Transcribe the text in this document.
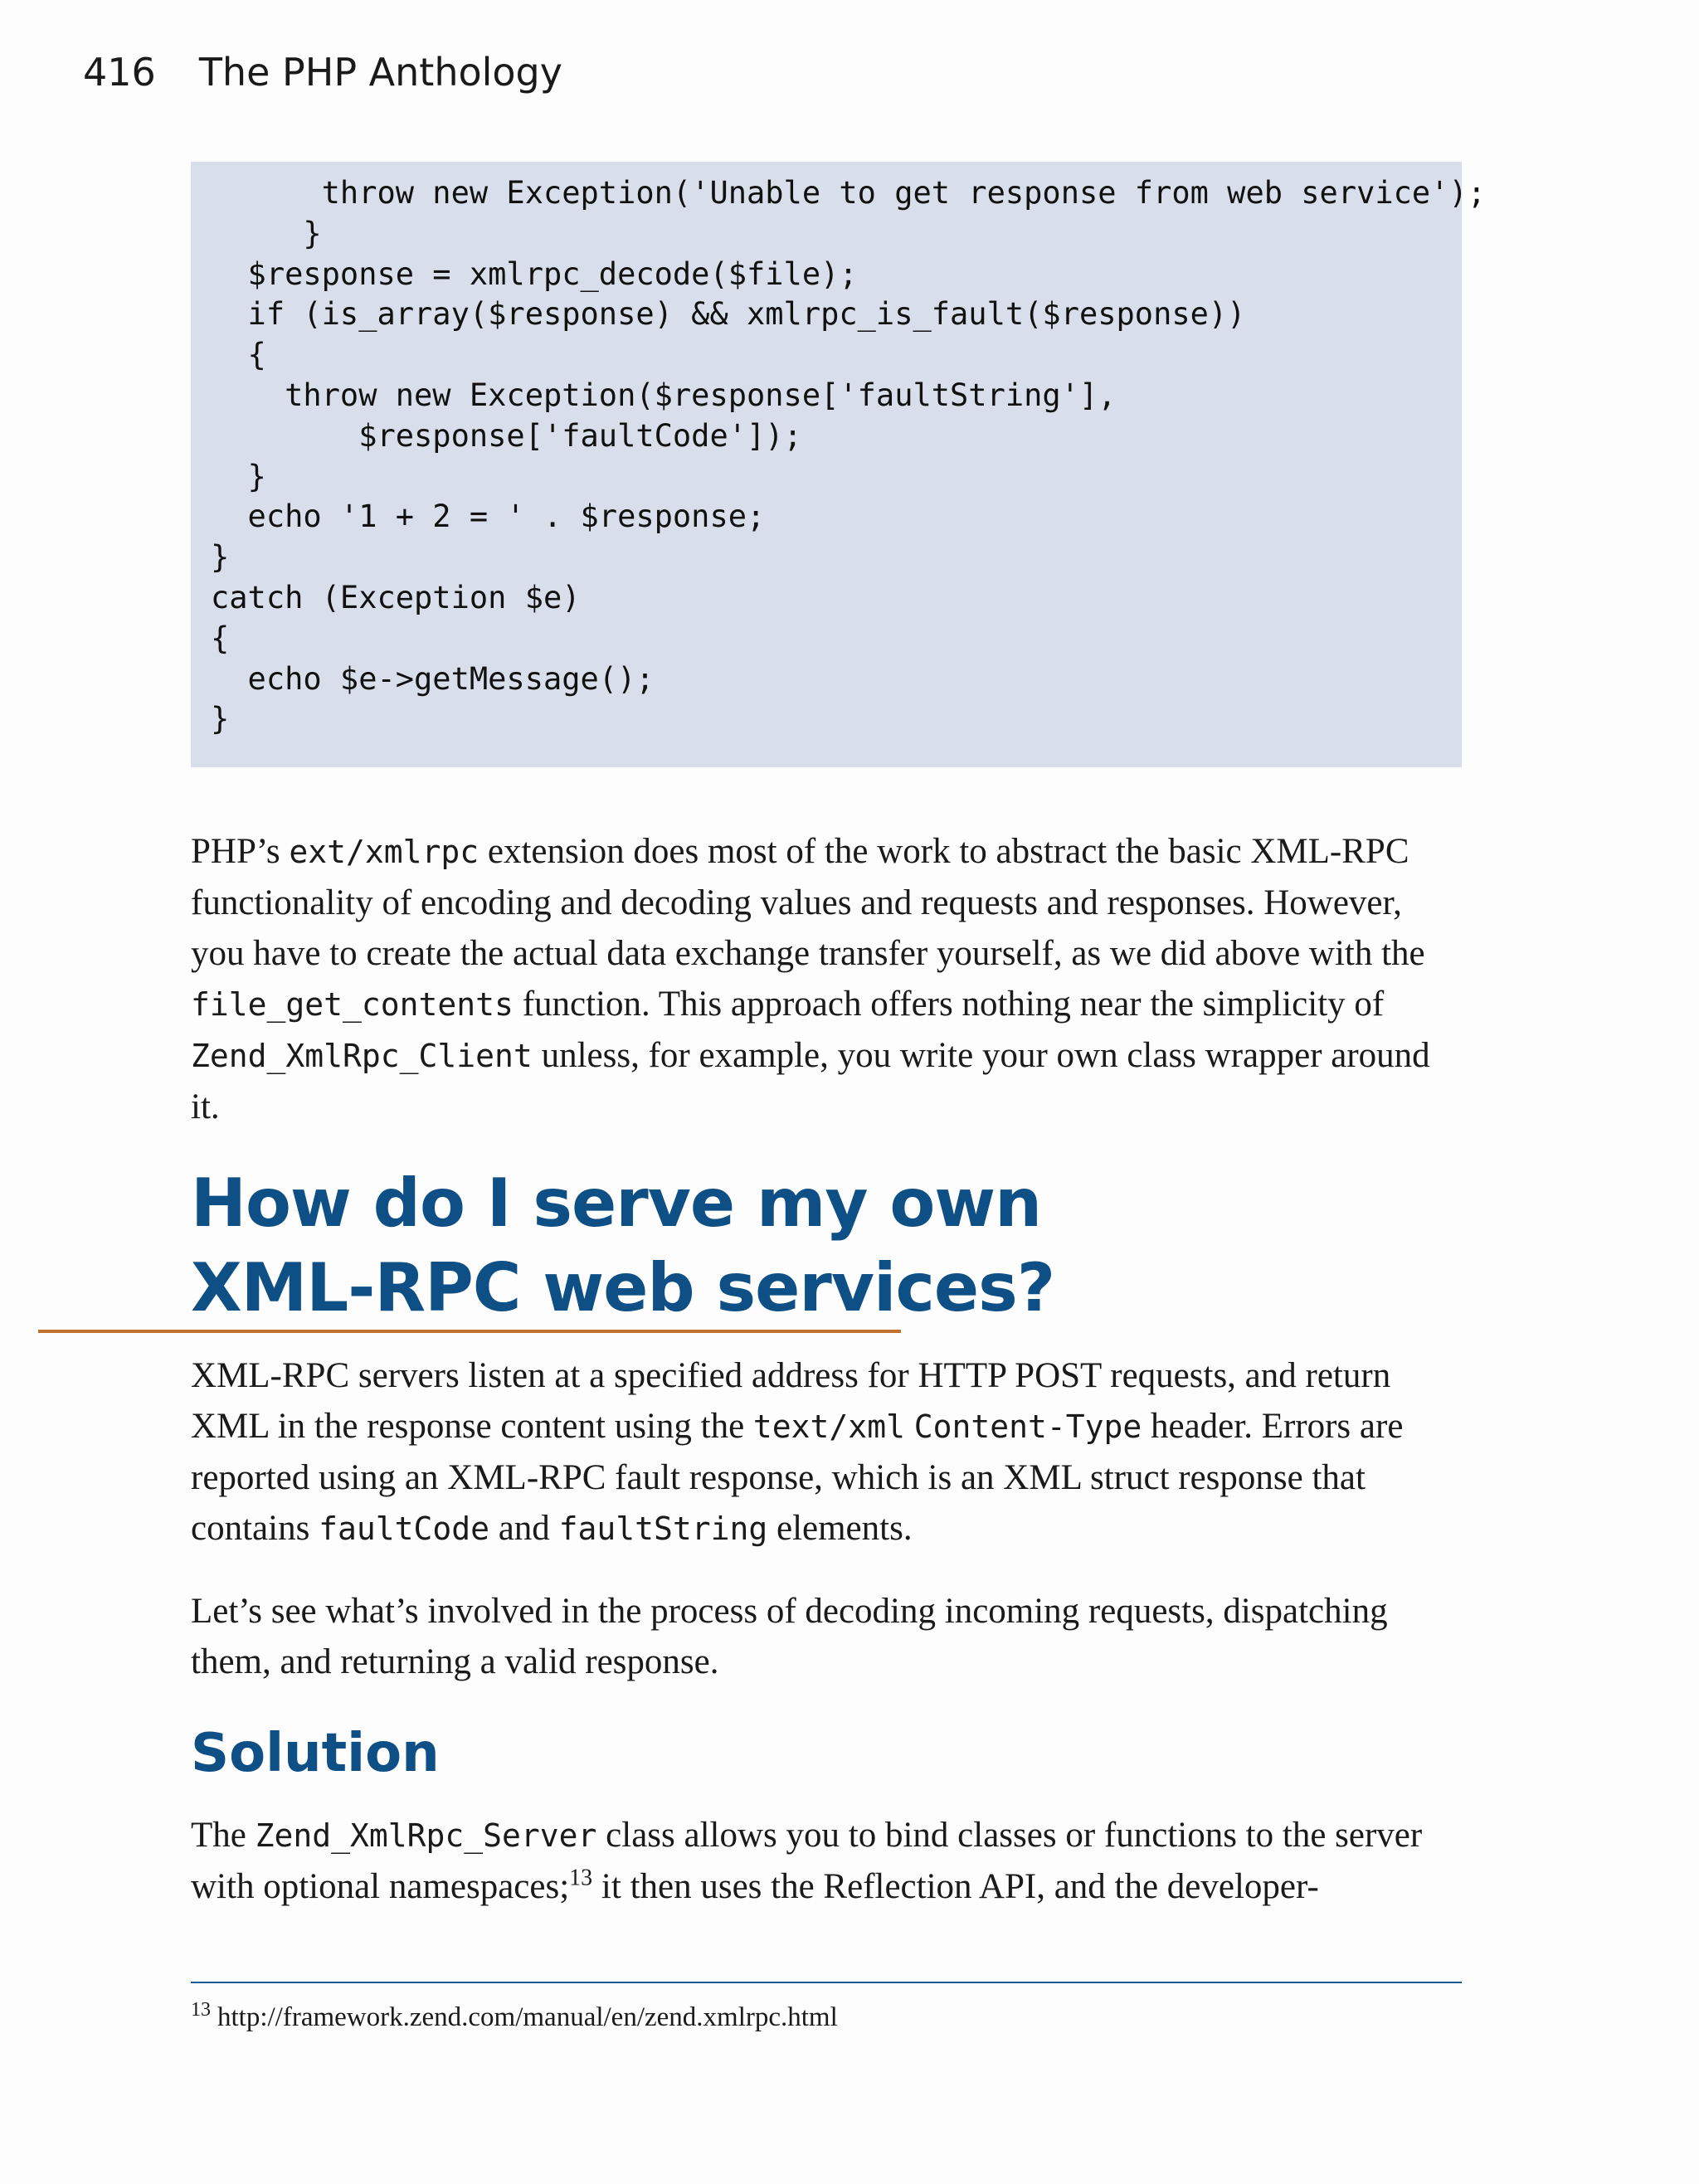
416 The PHP Anthology
throw new Exception('Unable to get response from web service');
}
$response = xmlrpc_decode($file);
if (is_array($response) && xmlrpc_is_fault($response))
{
throw new Exception($response['faultString'],
$response['faultCode']);
}
echo '1 + 2 = ' . $response;
}
catch (Exception $e)
{
echo $e->getMessage();
}

PHP’s ext/xmlrpc extension does most of the work to abstract the basic XML-RPC functionality of encoding and decoding values and requests and responses. However, you have to create the actual data exchange transfer yourself, as we did above with the file_get_contents function. This approach offers nothing near the simplicity of Zend_XmlRpc_Client unless, for example, you write your own class wrapper around it.

How do I serve my own
XML-RPC web services?

XML-RPC servers listen at a specified address for HTTP POST requests, and return XML in the response content using the text/xml Content-Type header. Errors are reported using an XML-RPC fault response, which is an XML struct response that contains faultCode and faultString elements.

Let’s see what’s involved in the process of decoding incoming requests, dispatching them, and returning a valid response.

Solution

The Zend_XmlRpc_Server class allows you to bind classes or functions to the server with optional namespaces;$^{13}$ it then uses the Reflection API, and the developer-

$^{13}$ http://framework.zend.com/manual/en/zend.xmlrpc.html
